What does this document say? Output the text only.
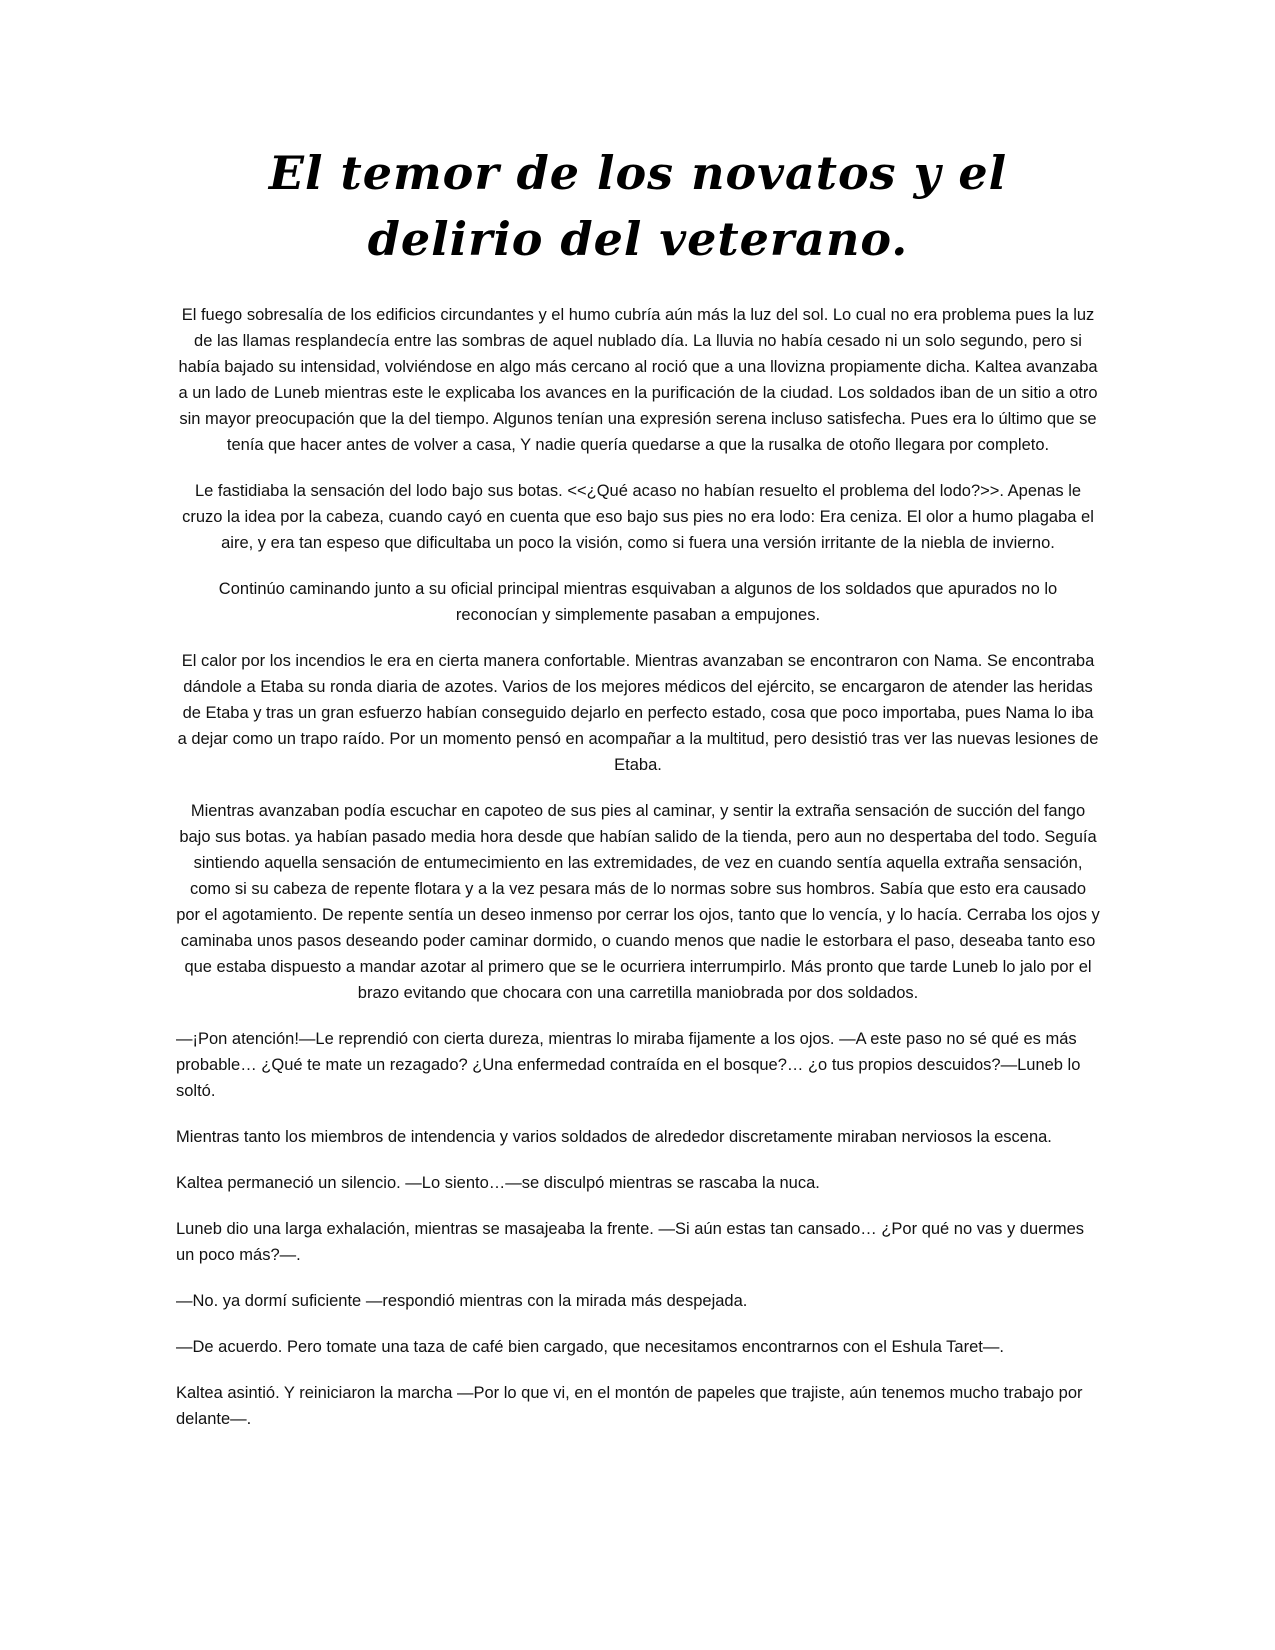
El temor de los novatos y el delirio del veterano.

El fuego sobresalía de los edificios circundantes y el humo cubría aún más la luz del sol. Lo cual no era problema pues la luz de las llamas resplandecía entre las sombras de aquel nublado día. La lluvia no había cesado ni un solo segundo, pero si había bajado su intensidad, volviéndose en algo más cercano al roció que a una llovizna propiamente dicha. Kaltea avanzaba a un lado de Luneb mientras este le explicaba los avances en la purificación de la ciudad. Los soldados iban de un sitio a otro sin mayor preocupación que la del tiempo. Algunos tenían una expresión serena incluso satisfecha. Pues era lo último que se tenía que hacer antes de volver a casa, Y nadie quería quedarse a que la rusalka de otoño llegara por completo.

Le fastidiaba la sensación del lodo bajo sus botas. <<¿Qué acaso no habían resuelto el problema del lodo?>>. Apenas le cruzo la idea por la cabeza, cuando cayó en cuenta que eso bajo sus pies no era lodo: Era ceniza. El olor a humo plagaba el aire, y era tan espeso que dificultaba un poco la visión, como si fuera una versión irritante de la niebla de invierno.

Continúo caminando junto a su oficial principal mientras esquivaban a algunos de los soldados que apurados no lo reconocían y simplemente pasaban a empujones.

El calor por los incendios le era en cierta manera confortable. Mientras avanzaban se encontraron con Nama. Se encontraba dándole a Etaba su ronda diaria de azotes. Varios de los mejores médicos del ejército, se encargaron de atender las heridas de Etaba y tras un gran esfuerzo habían conseguido dejarlo en perfecto estado, cosa que poco importaba, pues Nama lo iba a dejar como un trapo raído. Por un momento pensó en acompañar a la multitud, pero desistió tras ver las nuevas lesiones de Etaba.

Mientras avanzaban podía escuchar en capoteo de sus pies al caminar, y sentir la extraña sensación de succión del fango bajo sus botas. ya habían pasado media hora desde que habían salido de la tienda, pero aun no despertaba del todo. Seguía sintiendo aquella sensación de entumecimiento en las extremidades, de vez en cuando sentía aquella extraña sensación, como si su cabeza de repente flotara y a la vez pesara más de lo normas sobre sus hombros. Sabía que esto era causado por el agotamiento. De repente sentía un deseo inmenso por cerrar los ojos, tanto que lo vencía, y lo hacía. Cerraba los ojos y caminaba unos pasos deseando poder caminar dormido, o cuando menos que nadie le estorbara el paso, deseaba tanto eso que estaba dispuesto a mandar azotar al primero que se le ocurriera interrumpirlo. Más pronto que tarde Luneb lo jalo por el brazo evitando que chocara con una carretilla maniobrada por dos soldados.

—¡Pon atención!—Le reprendió con cierta dureza, mientras lo miraba fijamente a los ojos. —A este paso no sé qué es más probable… ¿Qué te mate un rezagado? ¿Una enfermedad contraída en el bosque?… ¿o tus propios descuidos?—Luneb lo soltó.

Mientras tanto los miembros de intendencia y varios soldados de alrededor discretamente miraban nerviosos la escena.

Kaltea permaneció un silencio. —Lo siento…—se disculpó mientras se rascaba la nuca.

Luneb dio una larga exhalación, mientras se masajeaba la frente. —Si aún estas tan cansado… ¿Por qué no vas y duermes un poco más?—.

—No. ya dormí suficiente —respondió mientras con la mirada más despejada.

—De acuerdo. Pero tomate una taza de café bien cargado, que necesitamos encontrarnos con el Eshula Taret—.

Kaltea asintió. Y reiniciaron la marcha —Por lo que vi, en el montón de papeles que trajiste, aún tenemos mucho trabajo por delante—.
